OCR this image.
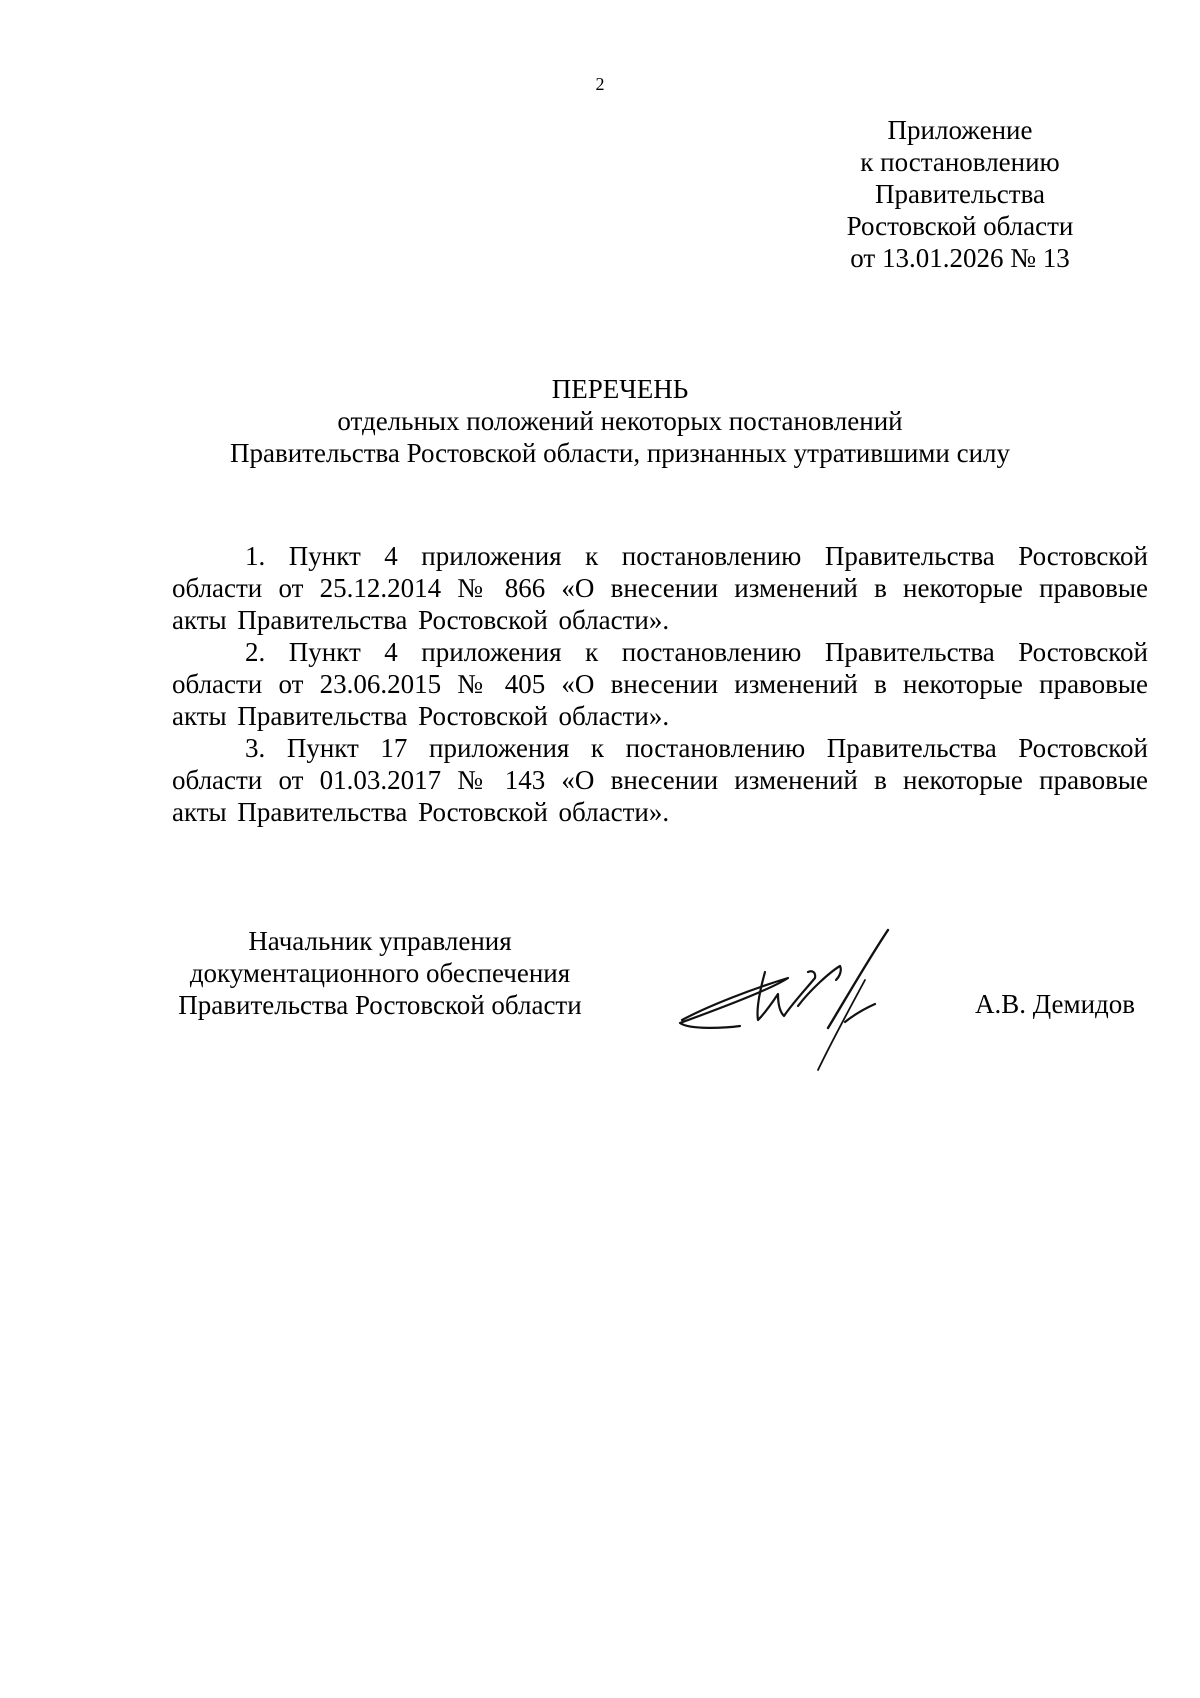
2
Приложение
к постановлению
Правительства
Ростовской области
от 13.01.2026 № 13
ПЕРЕЧЕНЬ
отдельных положений некоторых постановлений
Правительства Ростовской области, признанных утратившими силу

1. Пункт 4 приложения к постановлению Правительства Ростовской области от 25.12.2014 № 866 «О внесении изменений в некоторые правовые акты Правительства Ростовской области».

2. Пункт 4 приложения к постановлению Правительства Ростовской области от 23.06.2015 № 405 «О внесении изменений в некоторые правовые акты Правительства Ростовской области».

3. Пункт 17 приложения к постановлению Правительства Ростовской области от 01.03.2017 № 143 «О внесении изменений в некоторые правовые акты Правительства Ростовской области».

Начальник управления
документационного обеспечения
Правительства Ростовской области	А.В. Демидов
